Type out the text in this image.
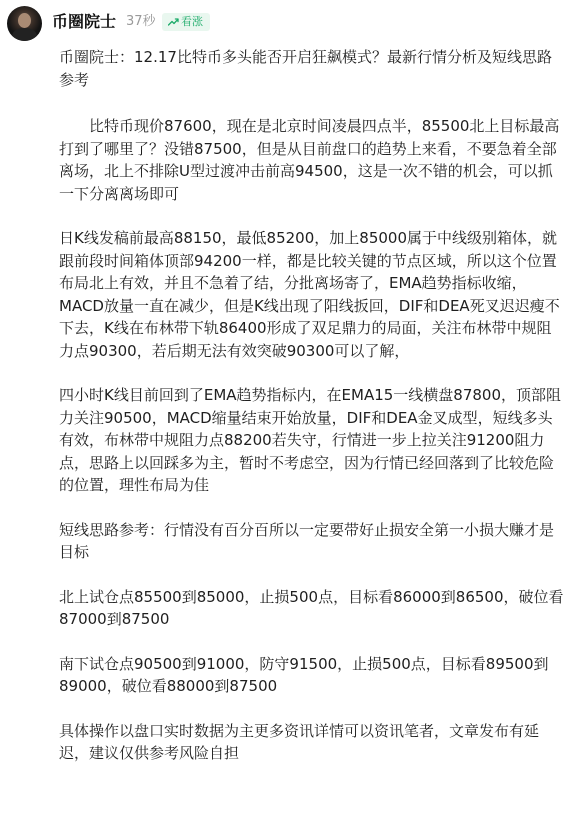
币圈院士 37秒 看涨

币圈院士：12.17比特币多头能否开启狂飙模式？最新行情分析及短线思路参考

比特币现价87600，现在是北京时间凌晨四点半，85500北上目标最高打到了哪里了？没错87500，但是从目前盘口的趋势上来看，不要急着全部离场，北上不排除U型过渡冲击前高94500，这是一次不错的机会，可以抓一下分离离场即可

日K线发稿前最高88150，最低85200，加上85000属于中线级别箱体，就跟前段时间箱体顶部94200一样，都是比较关键的节点区域，所以这个位置布局北上有效，并且不急着了结，分批离场寄了，EMA趋势指标收缩，MACD放量一直在减少，但是K线出现了阳线扳回，DIF和DEA死叉迟迟瘦不下去，K线在布林带下轨86400形成了双足鼎力的局面，关注布林带中规阻力点90300，若后期无法有效突破90300可以了解，

四小时K线目前回到了EMA趋势指标内，在EMA15一线横盘87800，顶部阻力关注90500，MACD缩量结束开始放量，DIF和DEA金叉成型，短线多头有效，布林带中规阻力点88200若失守，行情进一步上拉关注91200阻力点，思路上以回踩多为主，暂时不考虑空，因为行情已经回落到了比较危险的位置，理性布局为佳

短线思路参考：行情没有百分百所以一定要带好止损安全第一小损大赚才是目标

北上试仓点85500到85000，止损500点，目标看86000到86500，破位看87000到87500

南下试仓点90500到91000，防守91500，止损500点，目标看89500到89000，破位看88000到87500

具体操作以盘口实时数据为主更多资讯详情可以资讯笔者，文章发布有延迟，建议仅供参考风险自担
